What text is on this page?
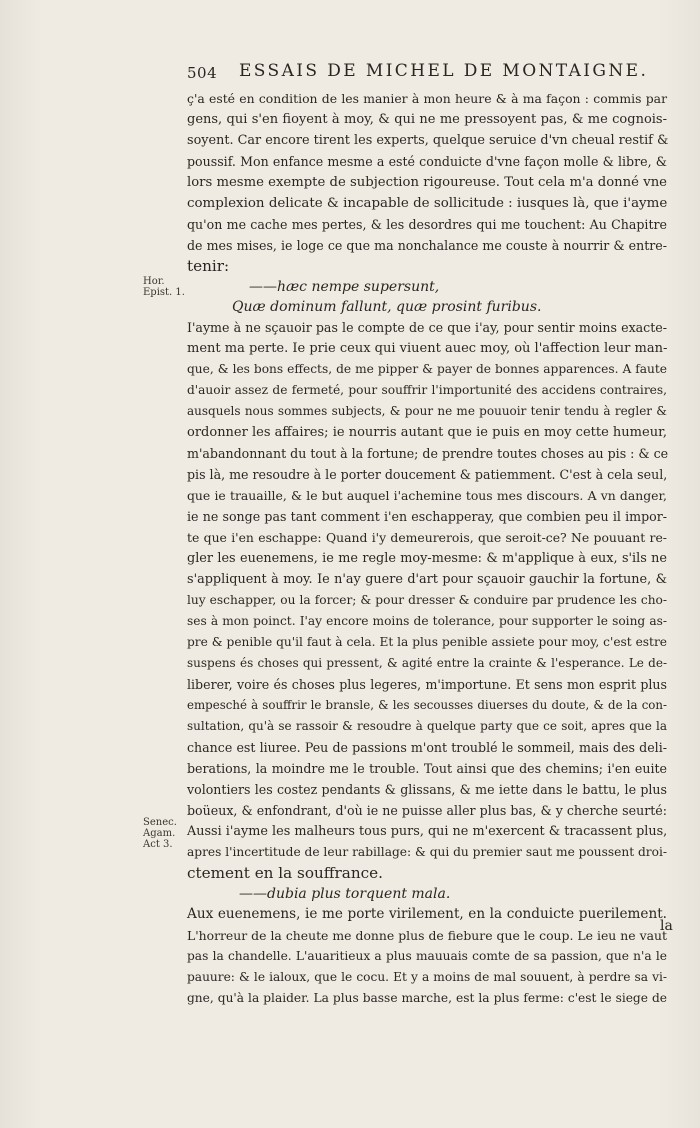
504 ESSAIS DE MICHEL DE MONTAIGNE.
Hor.
Epist. 1.
Senec.
Agam.
Act 3.
ç'a esté en condition de les manier à mon heure & à ma façon : commis par
gens, qui s'en fioyent à moy, & qui ne me pressoyent pas, & me cognois-
soyent. Car encore tirent les experts, quelque seruice d'vn cheual restif &
poussif. Mon enfance mesme a esté conduicte d'vne façon molle & libre, &
lors mesme exempte de subjection rigoureuse. Tout cela m'a donné vne
complexion delicate & incapable de sollicitude : iusques là, que i'ayme
qu'on me cache mes pertes, & les desordres qui me touchent: Au Chapitre
de mes mises, ie loge ce que ma nonchalance me couste à nourrir & entre-
tenir:
——hæc nempe supersunt,
Quæ dominum fallunt, quæ prosint furibus.
I'ayme à ne sçauoir pas le compte de ce que i'ay, pour sentir moins exacte-
ment ma perte. Ie prie ceux qui viuent auec moy, où l'affection leur man-
que, & les bons effects, de me pipper & payer de bonnes apparences. A faute
d'auoir assez de fermeté, pour souffrir l'importunité des accidens contraires,
ausquels nous sommes subjects, & pour ne me pouuoir tenir tendu à regler &
ordonner les affaires; ie nourris autant que ie puis en moy cette humeur,
m'abandonnant du tout à la fortune; de prendre toutes choses au pis : & ce
pis là, me resoudre à le porter doucement & patiemment. C'est à cela seul,
que ie trauaille, & le but auquel i'achemine tous mes discours. A vn danger,
ie ne songe pas tant comment i'en eschapperay, que combien peu il impor-
te que i'en eschappe: Quand i'y demeurerois, que seroit-ce? Ne pouuant re-
gler les euenemens, ie me regle moy-mesme: & m'applique à eux, s'ils ne
s'appliquent à moy. Ie n'ay guere d'art pour sçauoir gauchir la fortune, &
luy eschapper, ou la forcer; & pour dresser & conduire par prudence les cho-
ses à mon poinct. I'ay encore moins de tolerance, pour supporter le soing as-
pre & penible qu'il faut à cela. Et la plus penible assiete pour moy, c'est estre
suspens és choses qui pressent, & agité entre la crainte & l'esperance. Le de-
liberer, voire és choses plus legeres, m'importune. Et sens mon esprit plus
empesché à souffrir le bransle, & les secousses diuerses du doute, & de la con-
sultation, qu'à se rassoir & resoudre à quelque party que ce soit, apres que la
chance est liuree. Peu de passions m'ont troublé le sommeil, mais des deli-
berations, la moindre me le trouble. Tout ainsi que des chemins; i'en euite
volontiers les costez pendants & glissans, & me iette dans le battu, le plus
boüeux, & enfondrant, d'où ie ne puisse aller plus bas, & y cherche seurté:
Aussi i'ayme les malheurs tous purs, qui ne m'exercent & tracassent plus,
apres l'incertitude de leur rabillage: & qui du premier saut me poussent droi-
ctement en la souffrance.
——dubia plus torquent mala.
Aux euenemens, ie me porte virilement, en la conduicte puerilement.
L'horreur de la cheute me donne plus de fiebure que le coup. Le ieu ne vaut
pas la chandelle. L'auaritieux a plus mauuais comte de sa passion, que n'a le
pauure: & le ialoux, que le cocu. Et y a moins de mal souuent, à perdre sa vi-
gne, qu'à la plaider. La plus basse marche, est la plus ferme: c'est le siege de
la
